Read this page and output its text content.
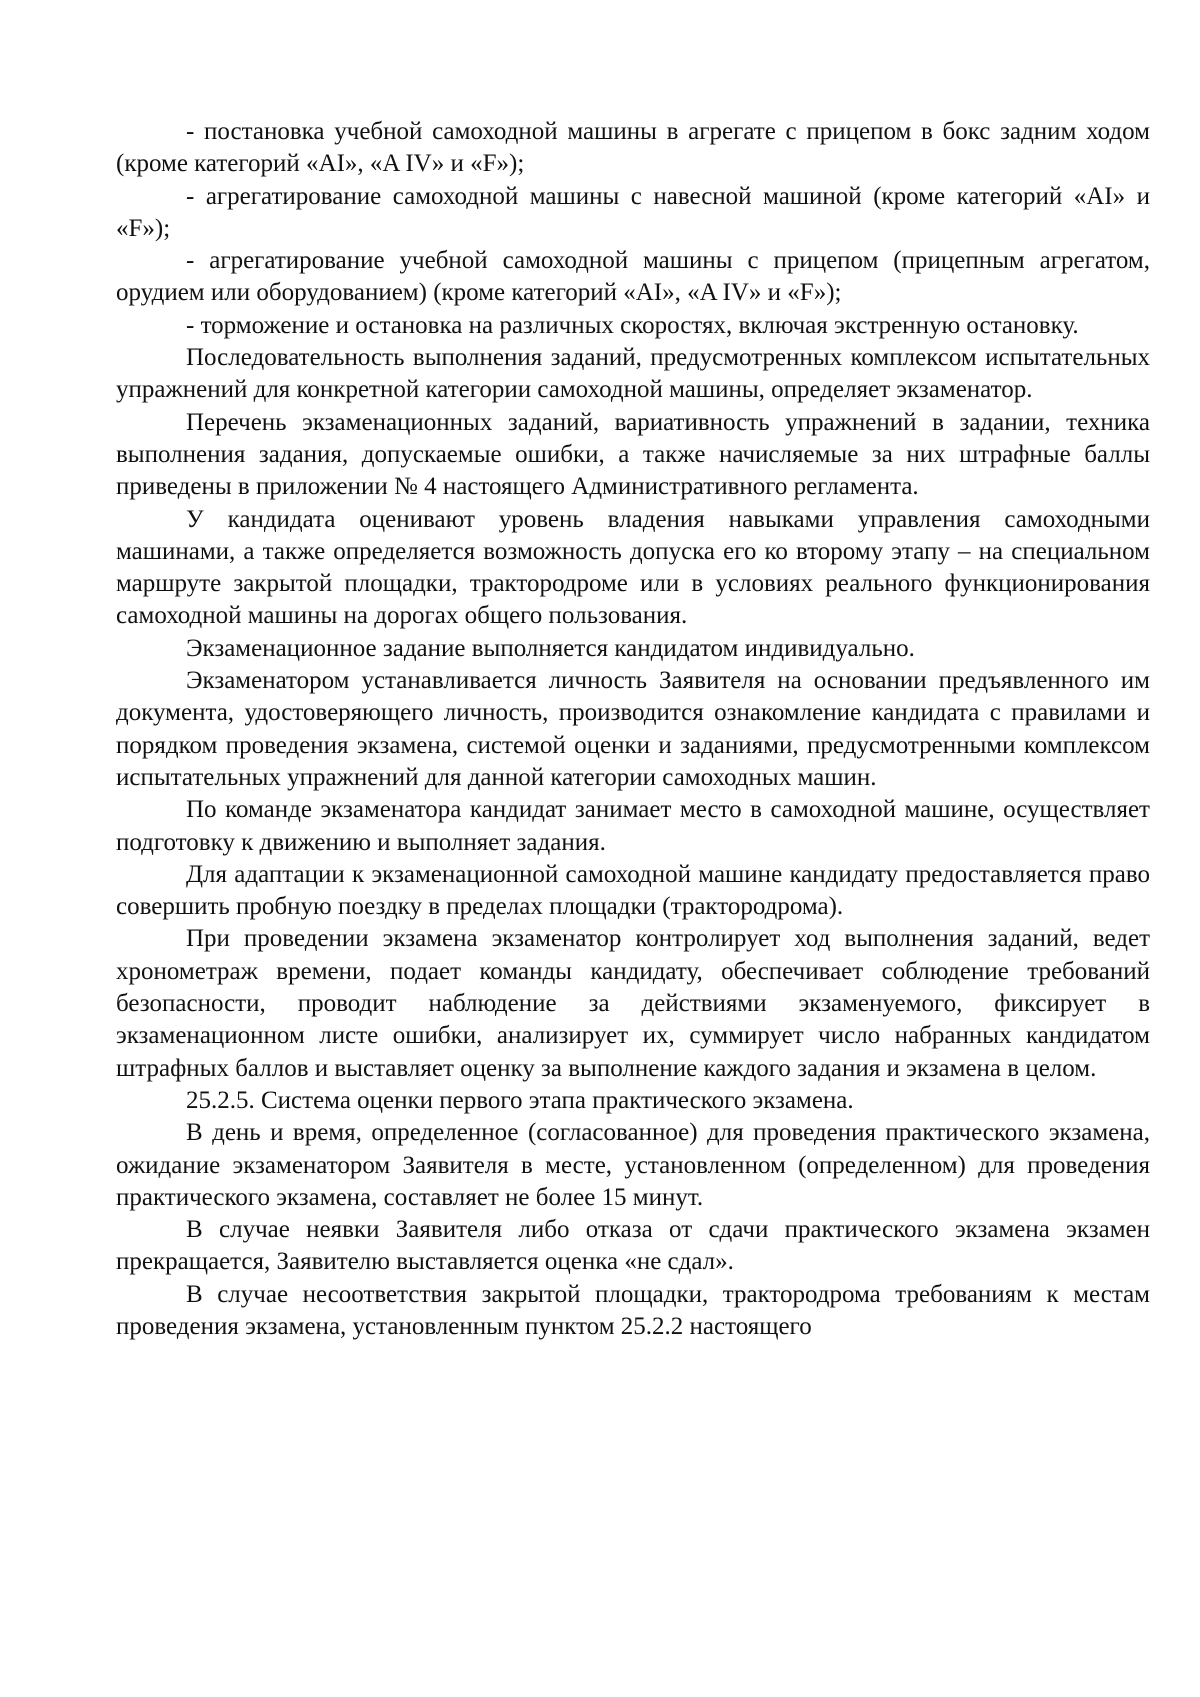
- постановка учебной самоходной машины в агрегате с прицепом в бокс задним ходом (кроме категорий «AI», «A IV» и «F»);

- агрегатирование самоходной машины с навесной машиной (кроме категорий «AI» и «F»);

- агрегатирование учебной самоходной машины с прицепом (прицепным агрегатом, орудием или оборудованием) (кроме категорий «AI», «A IV» и «F»);

- торможение и остановка на различных скоростях, включая экстренную остановку.

Последовательность выполнения заданий, предусмотренных комплексом испытательных упражнений для конкретной категории самоходной машины, определяет экзаменатор.

Перечень экзаменационных заданий, вариативность упражнений в задании, техника выполнения задания, допускаемые ошибки, а также начисляемые за них штрафные баллы приведены в приложении № 4 настоящего Административного регламента.

У кандидата оценивают уровень владения навыками управления самоходными машинами, а также определяется возможность допуска его ко второму этапу – на специальном маршруте закрытой площадки, трактородроме или в условиях реального функционирования самоходной машины на дорогах общего пользования.

Экзаменационное задание выполняется кандидатом индивидуально.

Экзаменатором устанавливается личность Заявителя на основании предъявленного им документа, удостоверяющего личность, производится ознакомление кандидата с правилами и порядком проведения экзамена, системой оценки и заданиями, предусмотренными комплексом испытательных упражнений для данной категории самоходных машин.

По команде экзаменатора кандидат занимает место в самоходной машине, осуществляет подготовку к движению и выполняет задания.

Для адаптации к экзаменационной самоходной машине кандидату предоставляется право совершить пробную поездку в пределах площадки (трактородрома).

При проведении экзамена экзаменатор контролирует ход выполнения заданий, ведет хронометраж времени, подает команды кандидату, обеспечивает соблюдение требований безопасности, проводит наблюдение за действиями экзаменуемого, фиксирует в экзаменационном листе ошибки, анализирует их, суммирует число набранных кандидатом штрафных баллов и выставляет оценку за выполнение каждого задания и экзамена в целом.

25.2.5. Система оценки первого этапа практического экзамена.

В день и время, определенное (согласованное) для проведения практического экзамена, ожидание экзаменатором Заявителя в месте, установленном (определенном) для проведения практического экзамена, составляет не более 15 минут.

В случае неявки Заявителя либо отказа от сдачи практического экзамена экзамен прекращается, Заявителю выставляется оценка «не сдал».

В случае несоответствия закрытой площадки, трактородрома требованиям к местам проведения экзамена, установленным пунктом 25.2.2 настоящего
